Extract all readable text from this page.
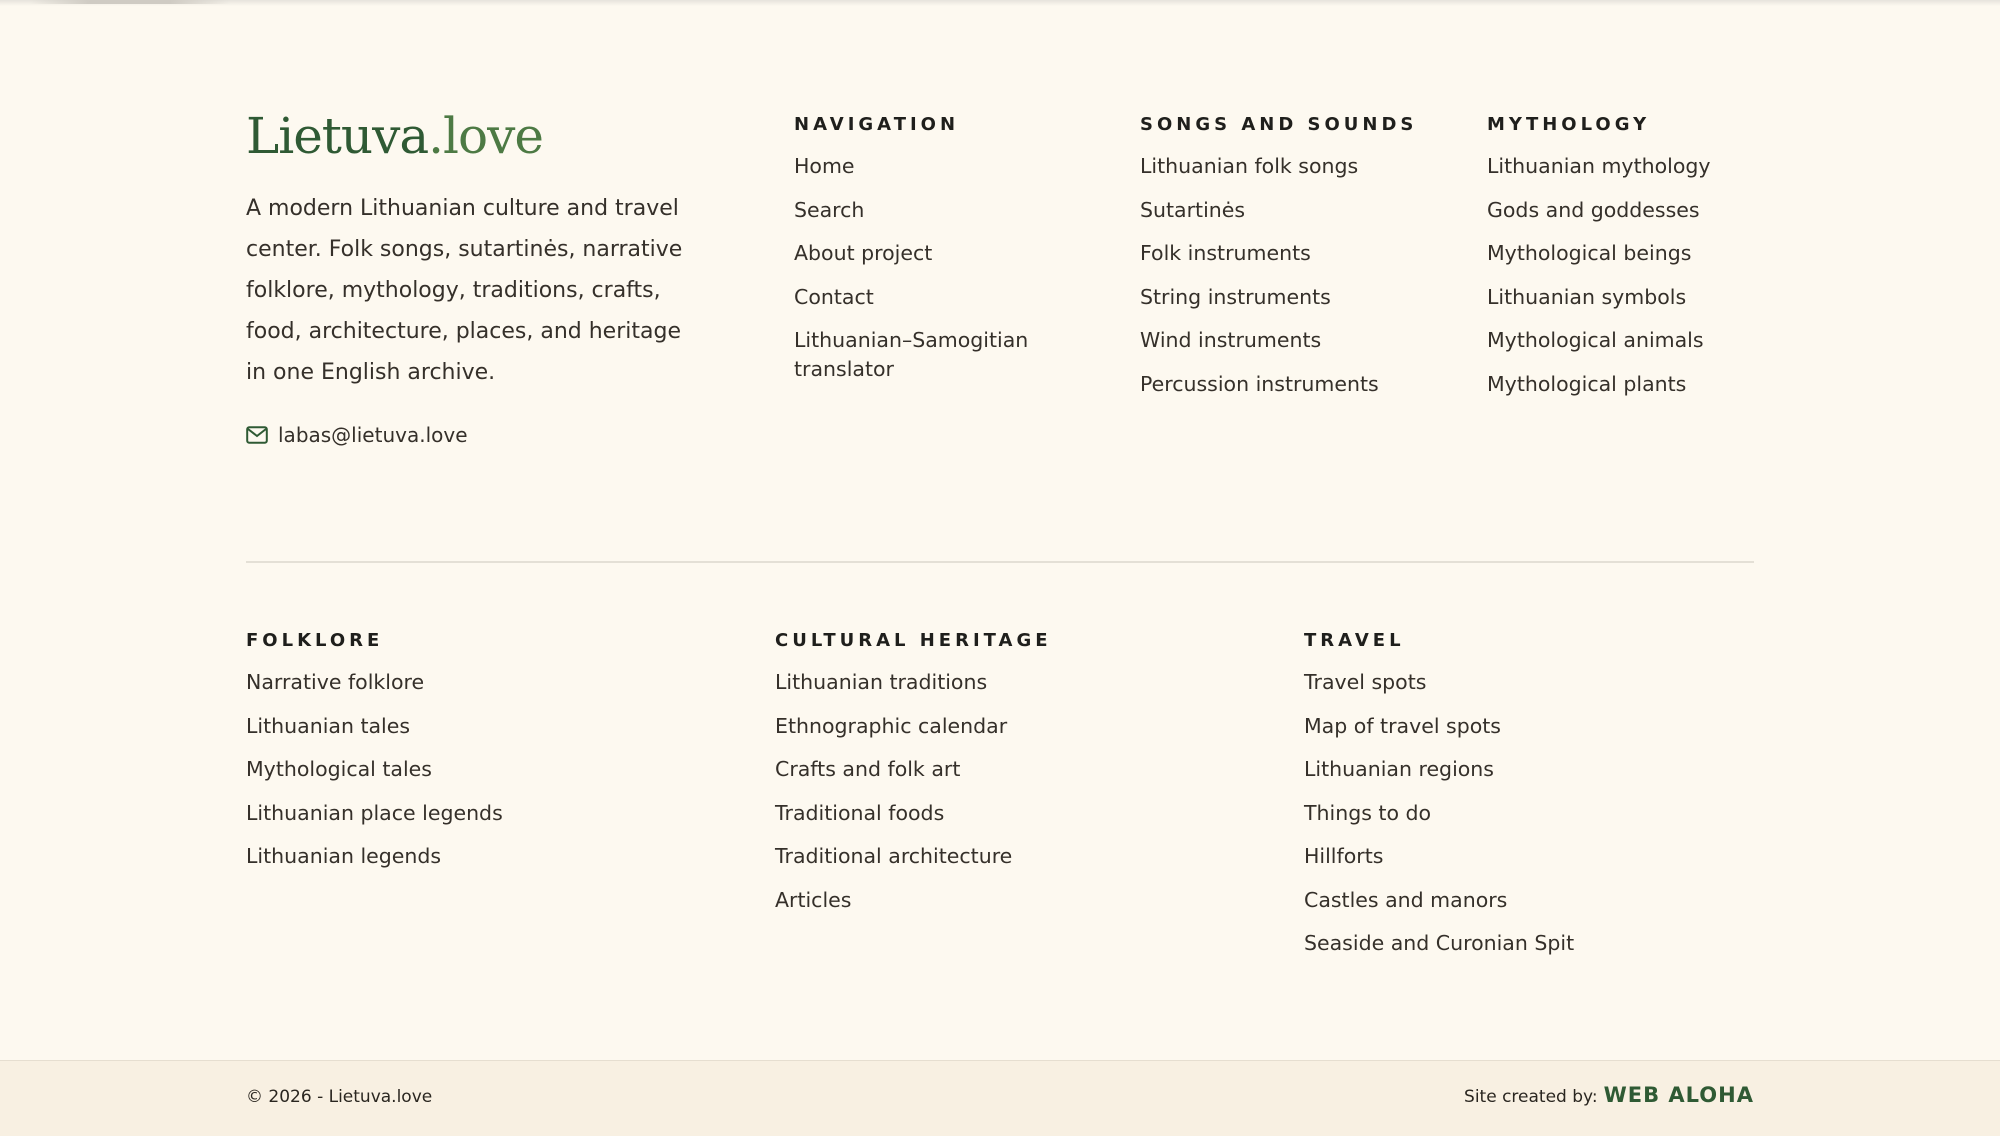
Lietuva.love

A modern Lithuanian culture and travel center. Folk songs, sutartinės, narrative folklore, mythology, traditions, crafts, food, architecture, places, and heritage in one English archive.

labas@lietuva.love
NAVIGATION
Home
Search
About project
Contact
Lithuanian–Samogitian
translator
SONGS AND SOUNDS
Lithuanian folk songs
Sutartinės
Folk instruments
String instruments
Wind instruments
Percussion instruments
MYTHOLOGY
Lithuanian mythology
Gods and goddesses
Mythological beings
Lithuanian symbols
Mythological animals
Mythological plants
FOLKLORE
Narrative folklore
Lithuanian tales
Mythological tales
Lithuanian place legends
Lithuanian legends
CULTURAL HERITAGE
Lithuanian traditions
Ethnographic calendar
Crafts and folk art
Traditional foods
Traditional architecture
Articles
TRAVEL
Travel spots
Map of travel spots
Lithuanian regions
Things to do
Hillforts
Castles and manors
Seaside and Curonian Spit
© 2026 - Lietuva.love	Site created by: WEB ALOHA
